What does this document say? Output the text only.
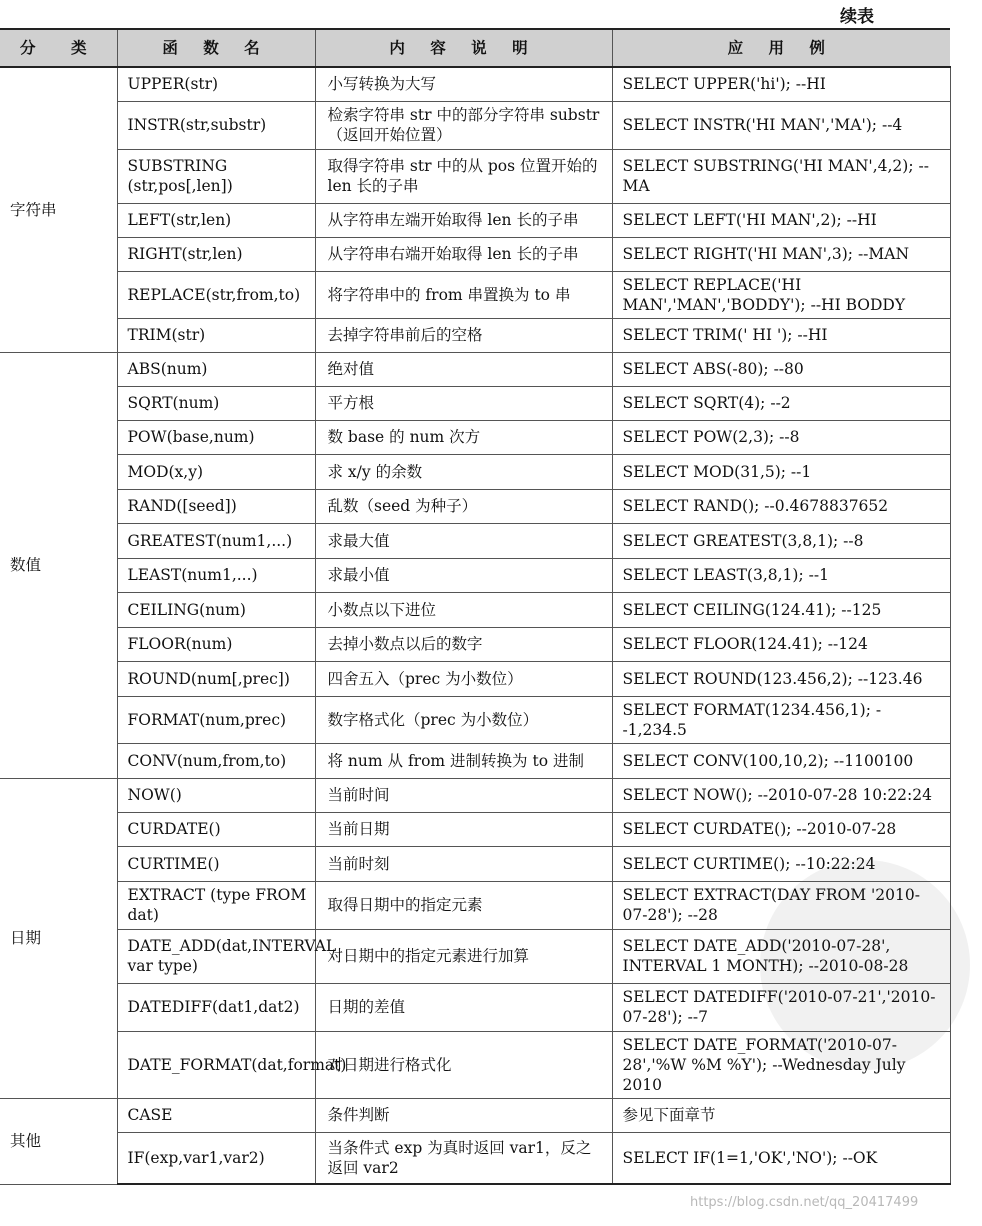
续表
分　类	函 数 名	内 容 说 明	应 用 例
字符串	UPPER(str)	小写转换为大写	SELECT UPPER('hi'); --HI
	INSTR(str,substr)	检索字符串 str 中的部分字符串 substr（返回开始位置）	SELECT INSTR('HI MAN','MA'); --4
	SUBSTRING (str,pos[,len])	取得字符串 str 中的从 pos 位置开始的 len 长的子串	SELECT SUBSTRING('HI MAN',4,2); --MA
	LEFT(str,len)	从字符串左端开始取得 len 长的子串	SELECT LEFT('HI MAN',2); --HI
	RIGHT(str,len)	从字符串右端开始取得 len 长的子串	SELECT RIGHT('HI MAN',3); --MAN
	REPLACE(str,from,to)	将字符串中的 from 串置换为 to 串	SELECT REPLACE('HI MAN','MAN','BODDY'); --HI BODDY
	TRIM(str)	去掉字符串前后的空格	SELECT TRIM(' HI '); --HI
数值	ABS(num)	绝对值	SELECT ABS(-80); --80
	SQRT(num)	平方根	SELECT SQRT(4); --2
	POW(base,num)	数 base 的 num 次方	SELECT POW(2,3); --8
	MOD(x,y)	求 x/y 的余数	SELECT MOD(31,5); --1
	RAND([seed])	乱数（seed 为种子）	SELECT RAND(); --0.4678837652
	GREATEST(num1,...)	求最大值	SELECT GREATEST(3,8,1); --8
	LEAST(num1,...)	求最小值	SELECT LEAST(3,8,1); --1
	CEILING(num)	小数点以下进位	SELECT CEILING(124.41); --125
	FLOOR(num)	去掉小数点以后的数字	SELECT FLOOR(124.41); --124
	ROUND(num[,prec])	四舍五入（prec 为小数位）	SELECT ROUND(123.456,2); --123.46
	FORMAT(num,prec)	数字格式化（prec 为小数位）	SELECT FORMAT(1234.456,1); --1,234.5
	CONV(num,from,to)	将 num 从 from 进制转换为 to 进制	SELECT CONV(100,10,2); --1100100
日期	NOW()	当前时间	SELECT NOW(); --2010-07-28 10:22:24
	CURDATE()	当前日期	SELECT CURDATE(); --2010-07-28
	CURTIME()	当前时刻	SELECT CURTIME(); --10:22:24
	EXTRACT (type FROM dat)	取得日期中的指定元素	SELECT EXTRACT(DAY FROM '2010-07-28'); --28
	DATE_ADD(dat,INTERVAL var type)	对日期中的指定元素进行加算	SELECT DATE_ADD('2010-07-28', INTERVAL 1 MONTH); --2010-08-28
	DATEDIFF(dat1,dat2)	日期的差值	SELECT DATEDIFF('2010-07-21','2010-07-28'); --7
	DATE_FORMAT(dat,format)	对日期进行格式化	SELECT DATE_FORMAT('2010-07-28','%W %M %Y'); --Wednesday July 2010
其他	CASE	条件判断	参见下面章节
	IF(exp,var1,var2)	当条件式 exp 为真时返回 var1，反之返回 var2	SELECT IF(1=1,'OK','NO'); --OK
https://blog.csdn.net/qq_20417499
